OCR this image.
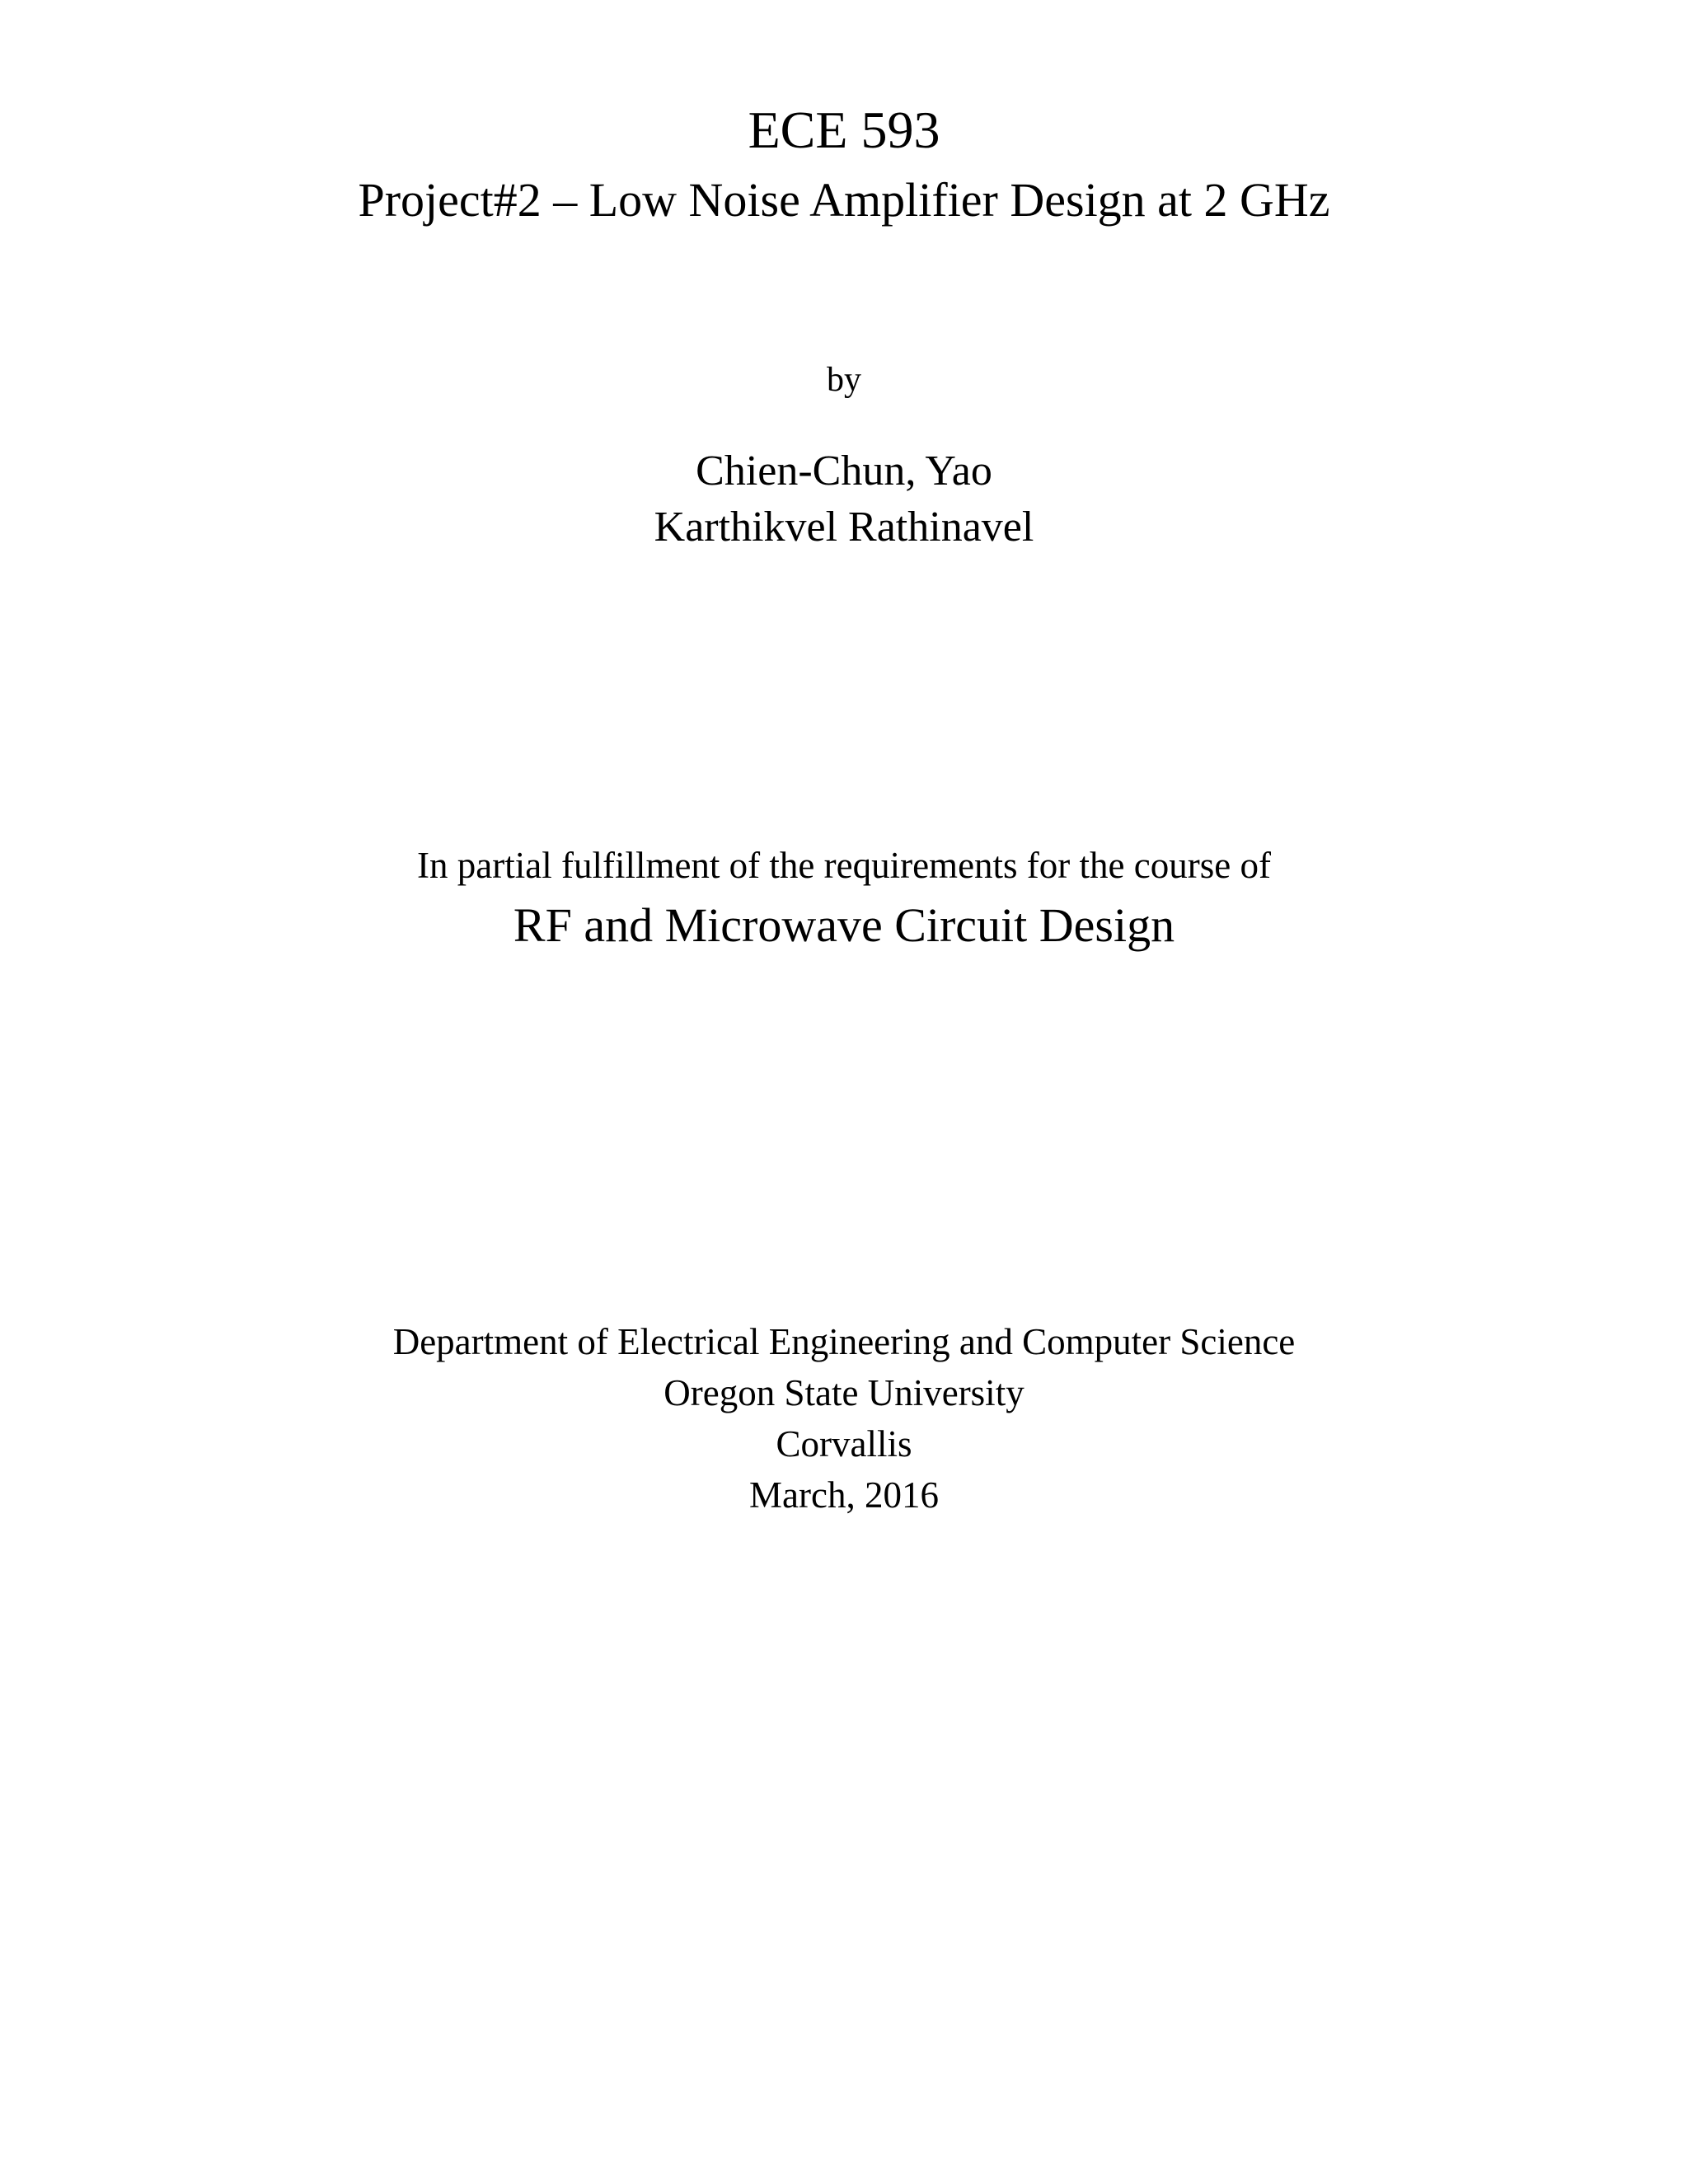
ECE 593
Project#2 – Low Noise Amplifier Design at 2 GHz
by
Chien-Chun, Yao
Karthikvel Rathinavel
In partial fulfillment of the requirements for the course of
RF and Microwave Circuit Design
Department of Electrical Engineering and Computer Science
Oregon State University
Corvallis
March, 2016
